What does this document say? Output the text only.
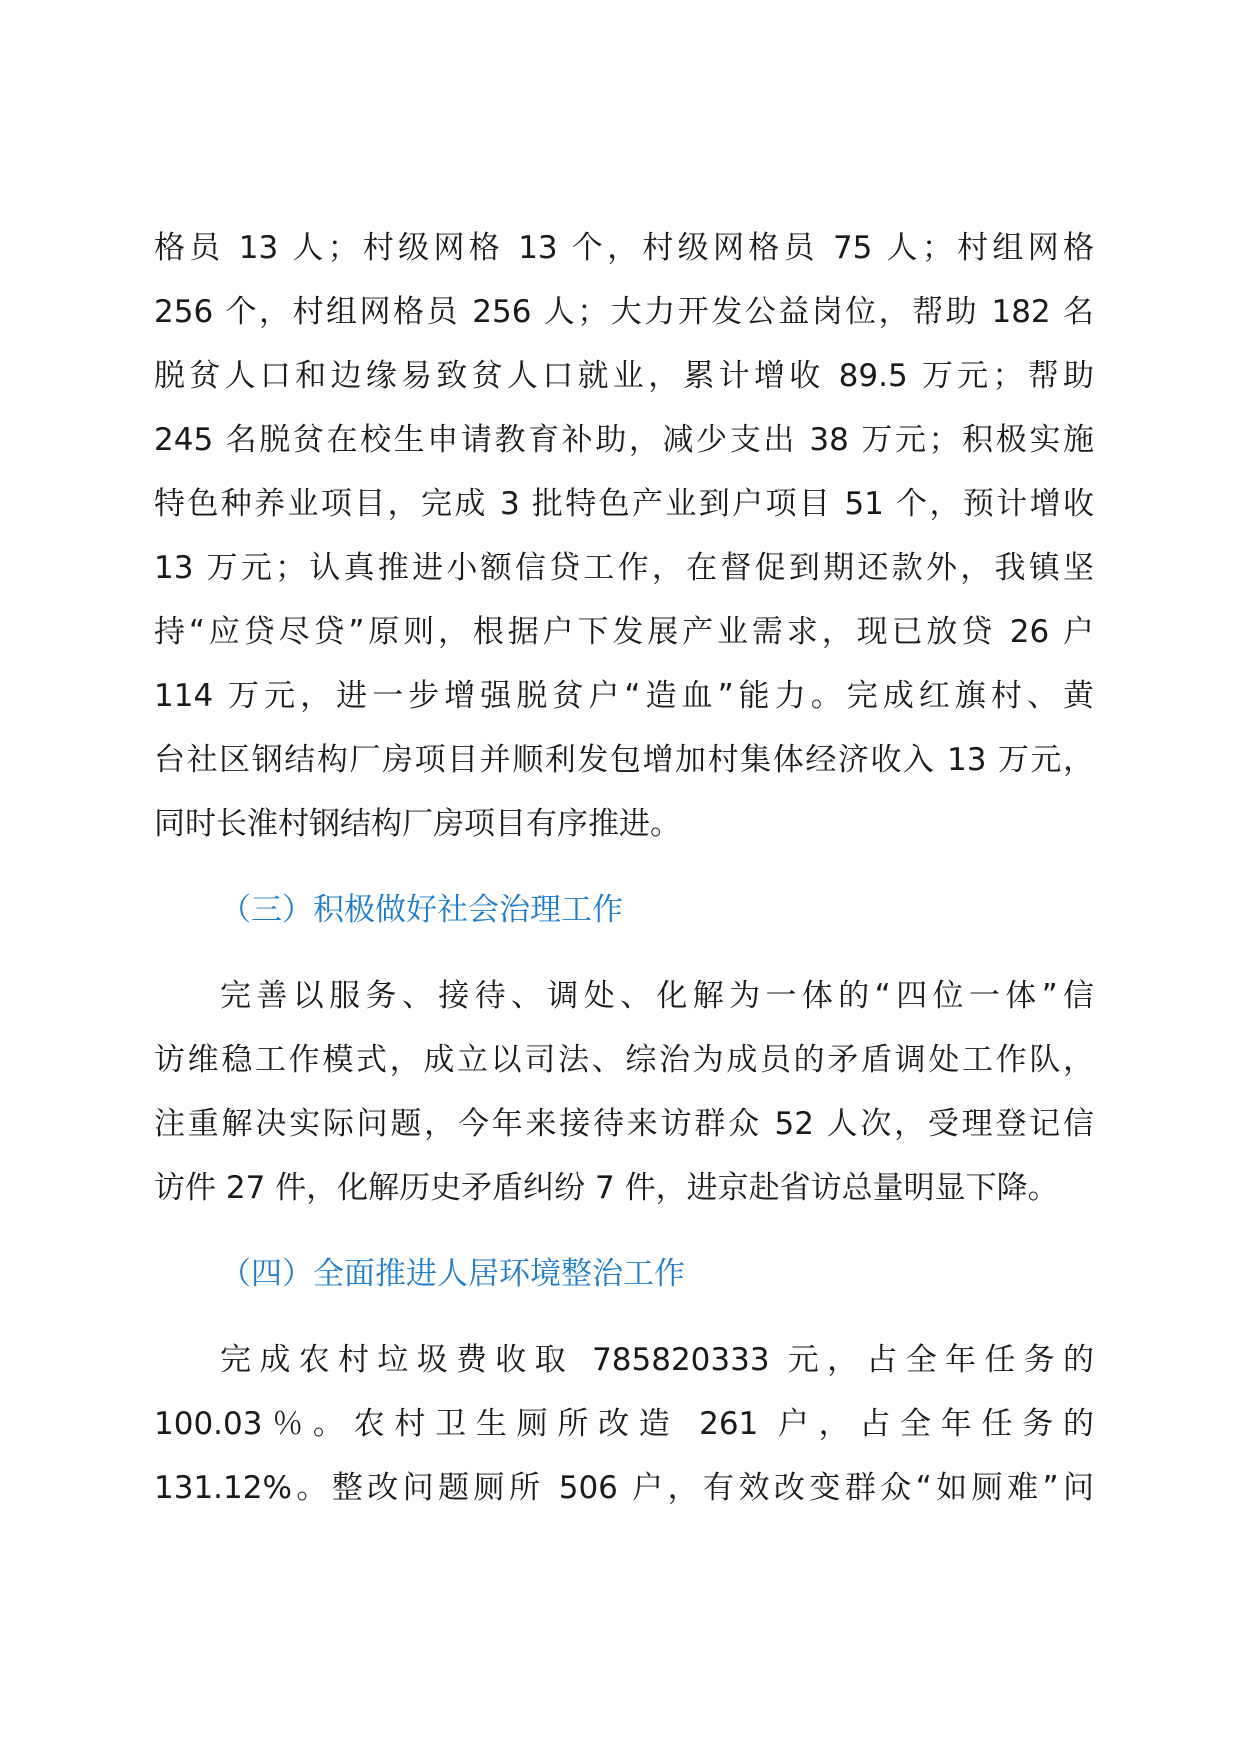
格员 13 人；村级网格 13 个，村级网格员 75 人；村组网格
256 个，村组网格员 256 人；大力开发公益岗位，帮助 182 名
脱贫人口和边缘易致贫人口就业，累计增收 89.5 万元；帮助
245 名脱贫在校生申请教育补助，减少支出 38 万元；积极实施
特色种养业项目，完成 3 批特色产业到户项目 51 个，预计增收
13 万元；认真推进小额信贷工作，在督促到期还款外，我镇坚
持“应贷尽贷”原则，根据户下发展产业需求，现已放贷 26 户
114 万元，进一步增强脱贫户“造血”能力。完成红旗村、黄
台社区钢结构厂房项目并顺利发包增加村集体经济收入 13 万元，
同时长淮村钢结构厂房项目有序推进。
（三）积极做好社会治理工作
完善以服务、接待、调处、化解为一体的“四位一体”信
访维稳工作模式，成立以司法、综治为成员的矛盾调处工作队，
注重解决实际问题，今年来接待来访群众 52 人次，受理登记信
访件 27 件，化解历史矛盾纠纷 7 件，进京赴省访总量明显下降。
（四）全面推进人居环境整治工作
完成农村垃圾费收取 785820333 元，占全年任务的
100.03％。农村卫生厕所改造 261 户，占全年任务的
131.12%。整改问题厕所 506 户，有效改变群众“如厕难”问
